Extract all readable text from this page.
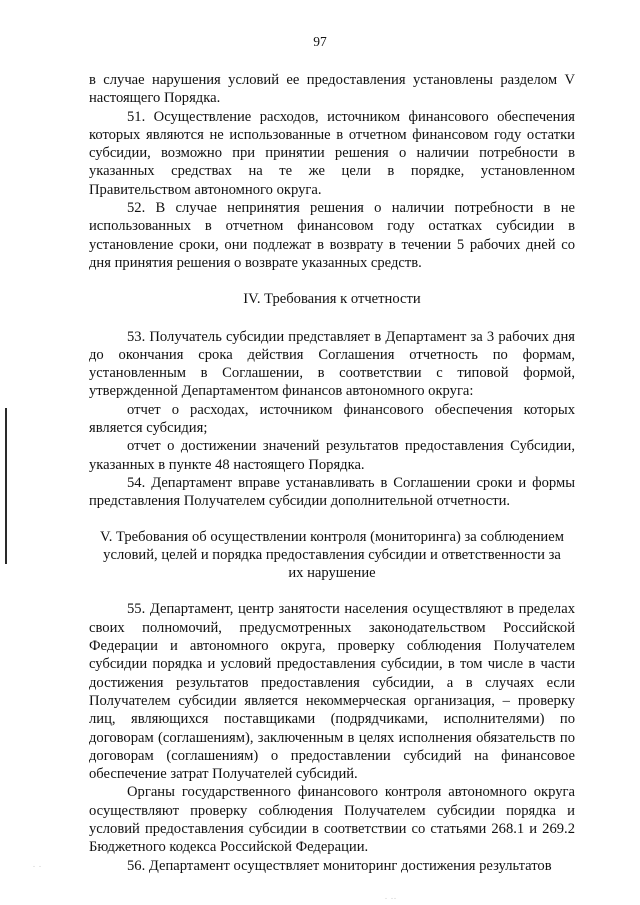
97

в случае нарушения условий ее предоставления установлены разделом V настоящего Порядка.

51. Осуществление расходов, источником финансового обеспечения которых являются не использованные в отчетном финансовом году остатки субсидии, возможно при принятии решения о наличии потребности в указанных средствах на те же цели в порядке, установленном Правительством автономного округа.

52. В случае непринятия решения о наличии потребности в не использованных в отчетном финансовом году остатках субсидии в установление сроки, они подлежат в возврату в течении 5 рабочих дней со дня принятия решения о возврате указанных средств.

IV. Требования к отчетности

53. Получатель субсидии представляет в Департамент за 3 рабочих дня до окончания срока действия Соглашения отчетность по формам, установленным в Соглашении, в соответствии с типовой формой, утвержденной Департаментом финансов автономного округа:

отчет о расходах, источником финансового обеспечения которых является субсидия;

отчет о достижении значений результатов предоставления Субсидии, указанных в пункте 48 настоящего Порядка.

54. Департамент вправе устанавливать в Соглашении сроки и формы представления Получателем субсидии дополнительной отчетности.

V. Требования об осуществлении контроля (мониторинга) за соблюдением
условий, целей и порядка предоставления субсидии и ответственности за
их нарушение

55. Департамент, центр занятости населения осуществляют в пределах своих полномочий, предусмотренных законодательством Российской Федерации и автономного округа, проверку соблюдения Получателем субсидии порядка и условий предоставления субсидии, в том числе в части достижения результатов предоставления субсидии, а в случаях если Получателем субсидии является некоммерческая организация, – проверку лиц, являющихся поставщиками (подрядчиками, исполнителями) по договорам (соглашениям), заключенным в целях исполнения обязательств по договорам (соглашениям) о предоставлении субсидий на финансовое обеспечение затрат Получателей субсидий.

Органы государственного финансового контроля автономного округа осуществляют проверку соблюдения Получателем субсидии порядка и условий предоставления субсидии в соответствии со статьями 268.1 и 269.2 Бюджетного кодекса Российской Федерации.

56. Департамент осуществляет мониторинг достижения результатов

∙ ∙
∙ ∙∙
